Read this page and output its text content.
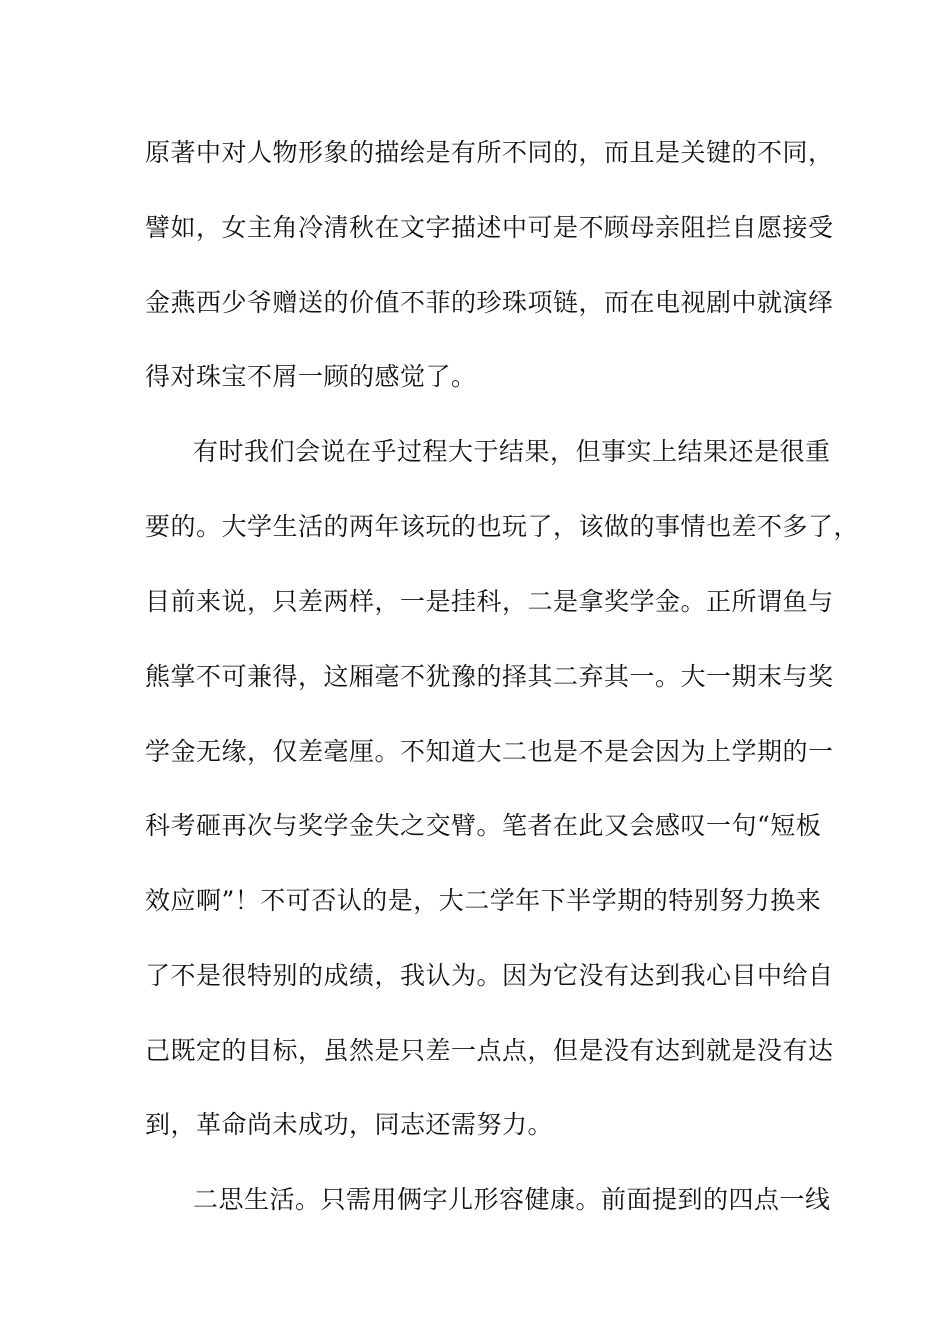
原著中对人物形象的描绘是有所不同的，而且是关键的不同，
譬如，女主角冷清秋在文字描述中可是不顾母亲阻拦自愿接受
金燕西少爷赠送的价值不菲的珍珠项链，而在电视剧中就演绎
得对珠宝不屑一顾的感觉了。
有时我们会说在乎过程大于结果，但事实上结果还是很重
要的。大学生活的两年该玩的也玩了，该做的事情也差不多了，
目前来说，只差两样，一是挂科，二是拿奖学金。正所谓鱼与
熊掌不可兼得，这厢毫不犹豫的择其二弃其一。大一期末与奖
学金无缘，仅差毫厘。不知道大二也是不是会因为上学期的一
科考砸再次与奖学金失之交臂。笔者在此又会感叹一句“短板
效应啊”！不可否认的是，大二学年下半学期的特别努力换来
了不是很特别的成绩，我认为。因为它没有达到我心目中给自
己既定的目标，虽然是只差一点点，但是没有达到就是没有达
到，革命尚未成功，同志还需努力。
二思生活。只需用俩字儿形容健康。前面提到的四点一线
